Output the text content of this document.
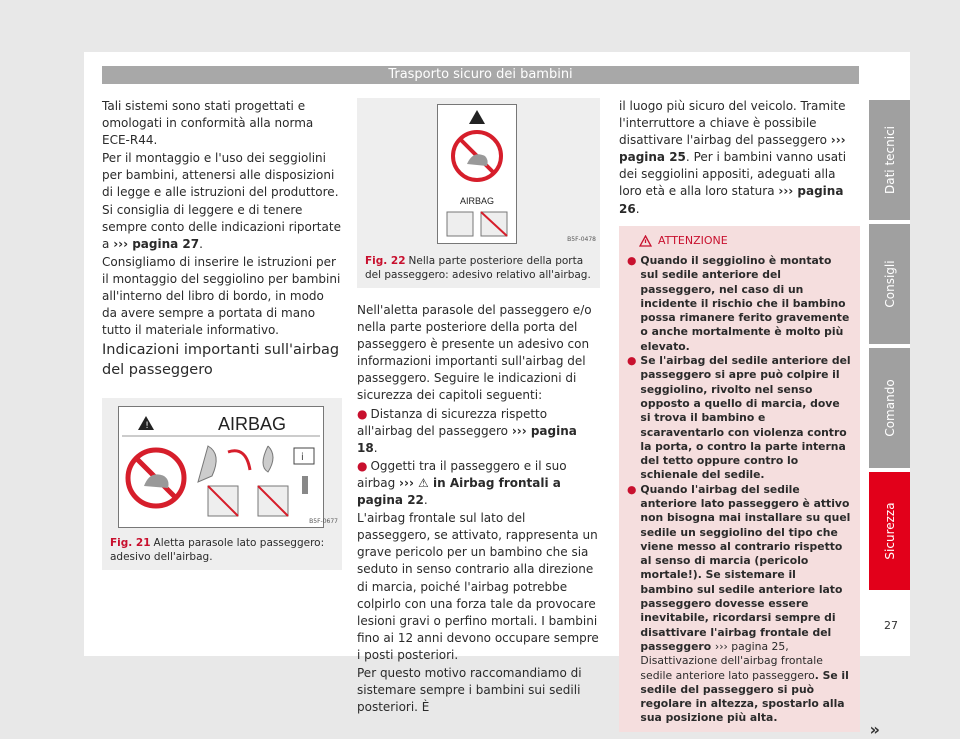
Trasporto sicuro dei bambini

Tali sistemi sono stati progettati e omologati in conformità alla norma ECE-R44.

Per il montaggio e l'uso dei seggiolini per bambini, attenersi alle disposizioni di legge e alle istruzioni del produttore. Si consiglia di leggere e di tenere sempre conto delle indicazioni riportate a ››› pagina 27.

Consigliamo di inserire le istruzioni per il montaggio del seggiolino per bambini all'interno del libro di bordo, in modo da avere sempre a portata di mano tutto il materiale informativo.

Indicazioni importanti sull'airbag del passeggero

!	AIRBAG
i
B5F-0677
Fig. 21 Aletta parasole lato passeggero: adesivo dell'airbag.
AIRBAG
B5F-0478
Fig. 22 Nella parte posteriore della porta del passeggero: adesivo relativo all'airbag.

Nell'aletta parasole del passeggero e/o nella parte posteriore della porta del passeggero è presente un adesivo con informazioni importanti sull'airbag del passeggero. Seguire le indicazioni di sicurezza dei capitoli seguenti:

● Distanza di sicurezza rispetto all'airbag del passeggero ››› pagina 18.

● Oggetti tra il passeggero e il suo airbag ››› ⚠ in Airbag frontali a pagina 22.

L'airbag frontale sul lato del passeggero, se attivato, rappresenta un grave pericolo per un bambino che sia seduto in senso contrario alla direzione di marcia, poiché l'airbag potrebbe colpirlo con una forza tale da provocare lesioni gravi o perfino mortali. I bambini fino ai 12 anni devono occupare sempre i posti posteriori.

Per questo motivo raccomandiamo di sistemare sempre i bambini sui sedili posteriori. È

il luogo più sicuro del veicolo. Tramite l'interruttore a chiave è possibile disattivare l'airbag del passeggero ››› pagina 25. Per i bambini vanno usati dei seggiolini appositi, adeguati alla loro età e alla loro statura ››› pagina 26.

ATTENZIONE

● Quando il seggiolino è montato sul sedile anteriore del passeggero, nel caso di un incidente il rischio che il bambino possa rimanere ferito gravemente o anche mortalmente è molto più elevato.

● Se l'airbag del sedile anteriore del passeggero si apre può colpire il seggiolino, rivolto nel senso opposto a quello di marcia, dove si trova il bambino e scaraventarlo con violenza contro la porta, o contro la parte interna del tetto oppure contro lo schienale del sedile.

● Quando l'airbag del sedile anteriore lato passeggero è attivo non bisogna mai installare su quel sedile un seggiolino del tipo che viene messo al contrario rispetto al senso di marcia (pericolo mortale!). Se sistemare il bambino sul sedile anteriore lato passeggero dovesse essere inevitabile, ricordarsi sempre di disattivare l'airbag frontale del passeggero ››› pagina 25, Disattivazione dell'airbag frontale sedile anteriore lato passeggero. Se il sedile del passeggero si può regolare in altezza, spostarlo alla sua posizione più alta.

»
Dati tecnici
Consigli
Comando
Sicurezza
27
